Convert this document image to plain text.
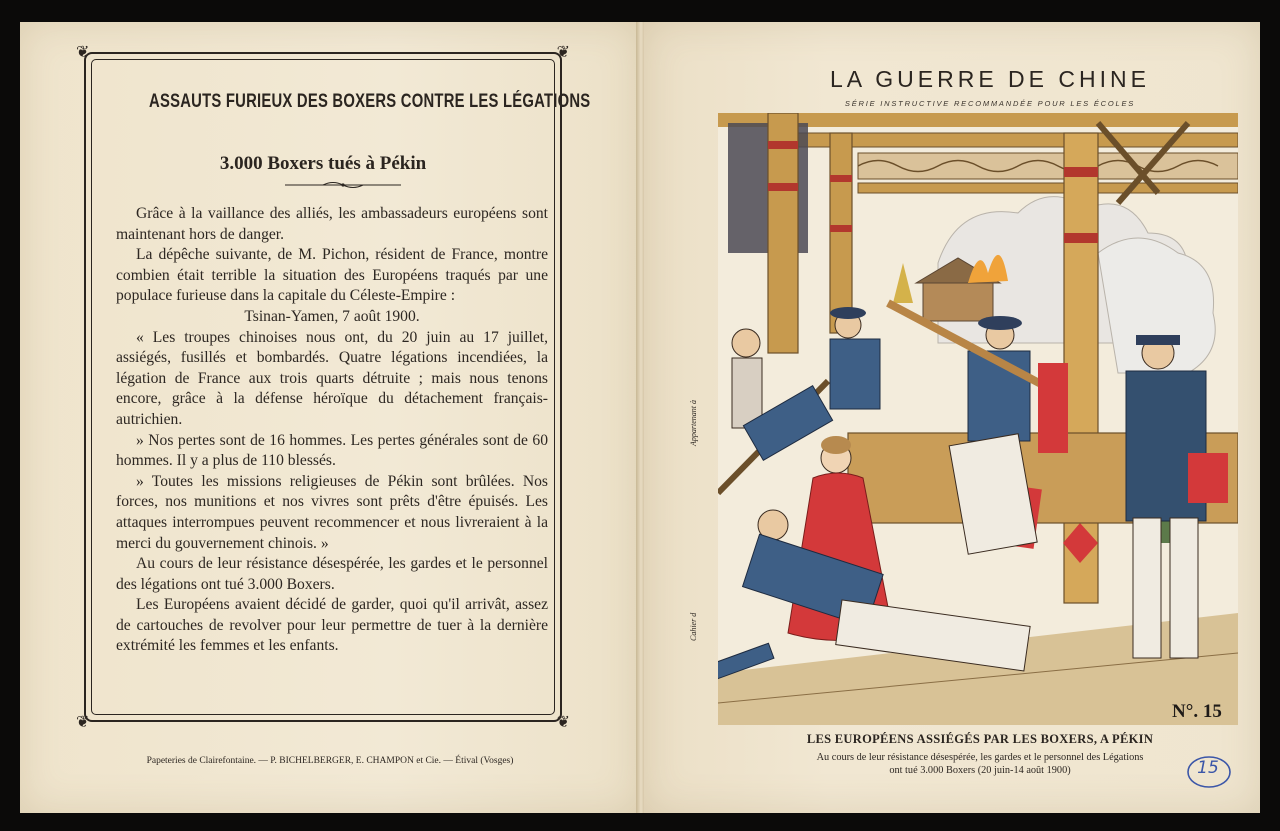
❦	❦
❦	❦
ASSAUTS FURIEUX DES BOXERS CONTRE LES LÉGATIONS
3.000 Boxers tués à Pékin

Grâce à la vaillance des alliés, les ambassadeurs européens sont maintenant hors de danger.

La dépêche suivante, de M. Pichon, résident de France, montre combien était terrible la situation des Européens traqués par une populace furieuse dans la capitale du Céleste-Empire :

Tsinan-Yamen, 7 août 1900.

« Les troupes chinoises nous ont, du 20 juin au 17 juillet, assiégés, fusillés et bombardés. Quatre légations incendiées, la légation de France aux trois quarts détruite ; mais nous tenons encore, grâce à la défense héroïque du détachement français-autrichien.

» Nos pertes sont de 16 hommes. Les pertes générales sont de 60 hommes. Il y a plus de 110 blessés.

» Toutes les missions religieuses de Pékin sont brûlées. Nos forces, nos munitions et nos vivres sont prêts d'être épuisés. Les attaques interrompues peuvent recommencer et nous livreraient à la merci du gouvernement chinois. »

Au cours de leur résistance désespérée, les gardes et le personnel des légations ont tué 3.000 Boxers.

Les Européens avaient décidé de garder, quoi qu'il arrivât, assez de cartouches de revolver pour leur permettre de tuer à la dernière extrémité les femmes et les enfants.

Papeteries de Clairefontaine. — P. BICHELBERGER, E. CHAMPON et Cie. — Étival (Vosges)
LA GUERRE DE CHINE
SÉRIE INSTRUCTIVE RECOMMANDÉE POUR LES ÉCOLES
Appartenant à
Cahier d
N°. 15
LES EUROPÉENS ASSIÉGÉS PAR LES BOXERS, A PÉKIN
Au cours de leur résistance désespérée, les gardes et le personnel des Légations
ont tué 3.000 Boxers (20 juin-14 août 1900)	15
